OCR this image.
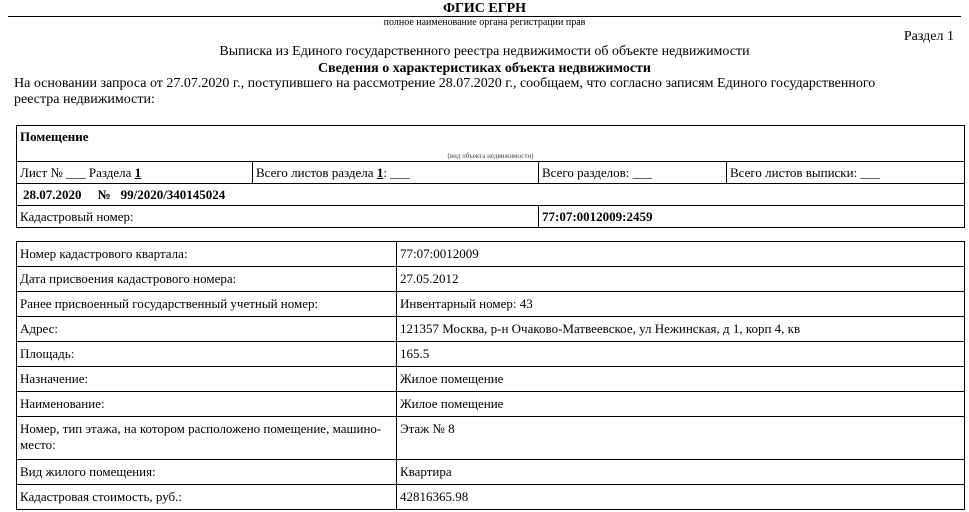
ФГИС ЕГРН
полное наименование органа регистрации прав
Раздел 1
Выписка из Единого государственного реестра недвижимости об объекте недвижимости
Сведения о характеристиках объекта недвижимости
На основании запроса от 27.07.2020 г., поступившего на рассмотрение 28.07.2020 г., сообщаем, что согласно записям Единого государственного реестра недвижимости:
Помещение			
(вид объекта недвижимости)			
Лист № ___ Раздела 1	Всего листов раздела 1: ___	Всего разделов: ___	Всего листов выписки: ___
28.07.2020 № 99/2020/340145024			
Кадастровый номер:		77:07:0012009:2459	
Номер кадастрового квартала:	77:07:0012009
Дата присвоения кадастрового номера:	27.05.2012
Ранее присвоенный государственный учетный номер:	Инвентарный номер: 43
Адрес:	121357 Москва, р-н Очаково-Матвеевское, ул Нежинская, д 1, корп 4, кв
Площадь:	165.5
Назначение:	Жилое помещение
Наименование:	Жилое помещение
Номер, тип этажа, на котором расположено помещение, машино-место:	Этаж № 8
Вид жилого помещения:	Квартира
Кадастровая стоимость, руб.:	42816365.98
